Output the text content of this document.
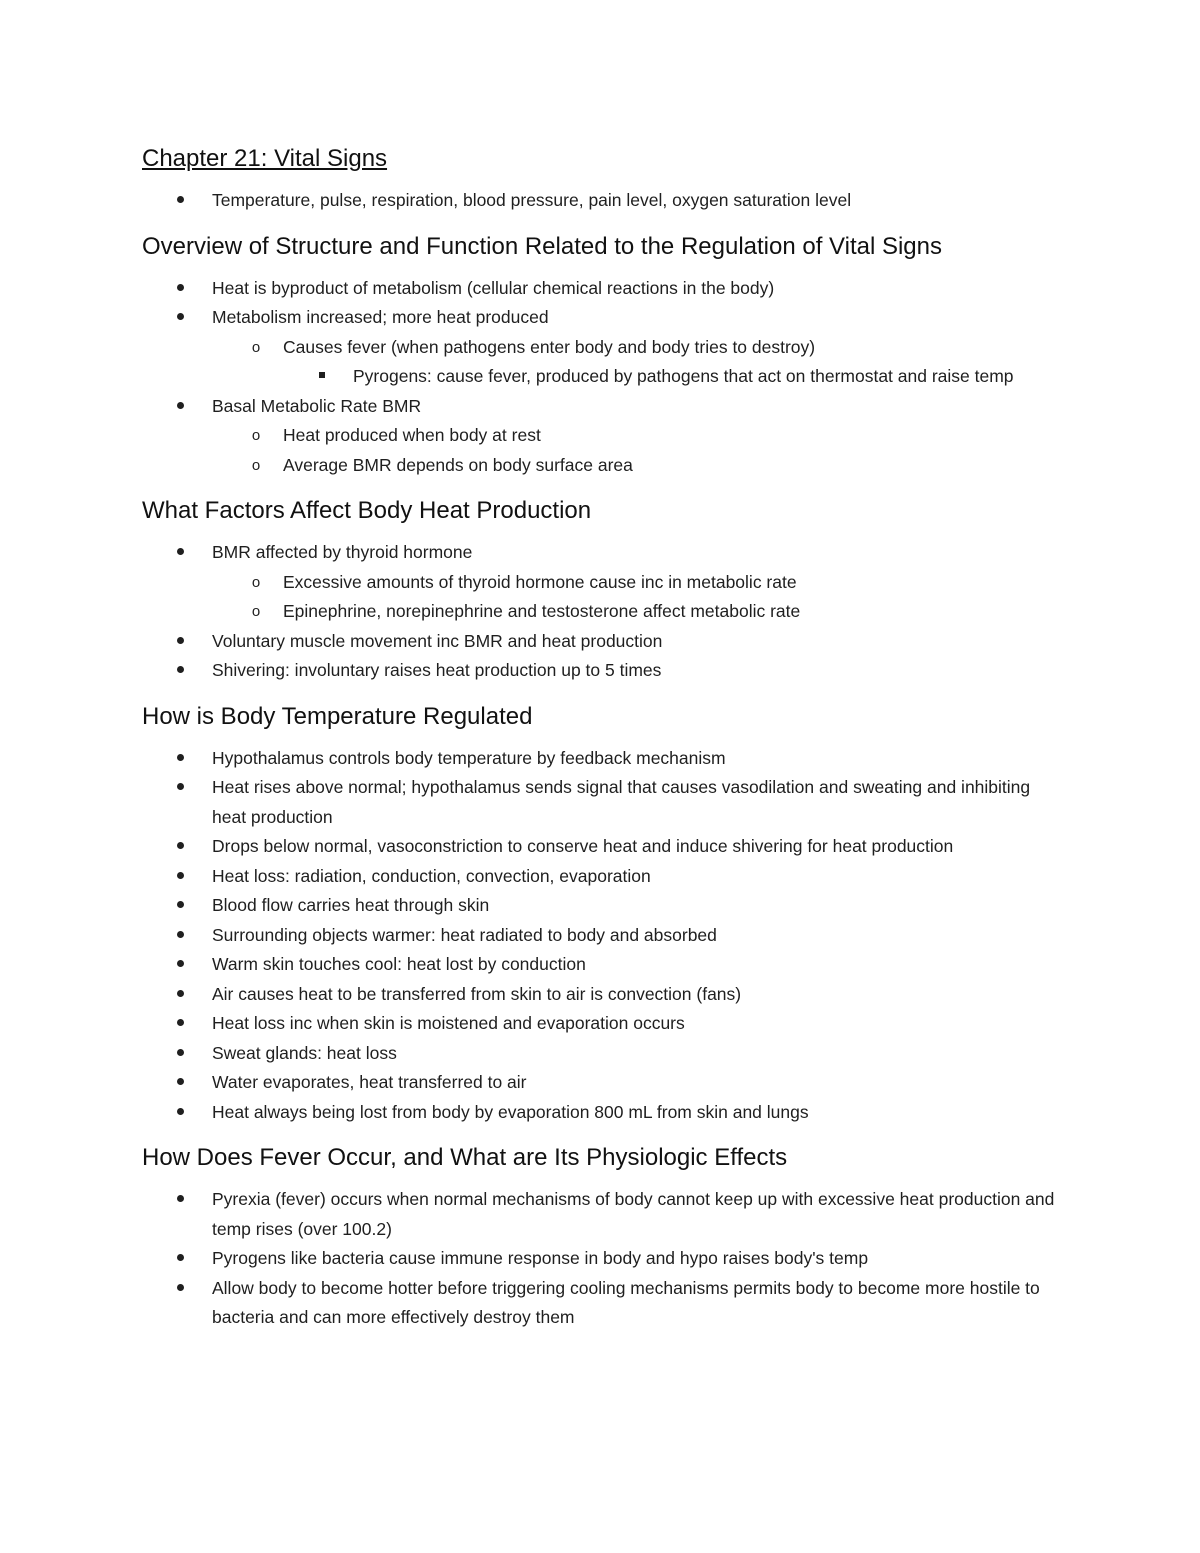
Chapter 21: Vital Signs
Temperature, pulse, respiration, blood pressure, pain level, oxygen saturation level
Overview of Structure and Function Related to the Regulation of Vital Signs
Heat is byproduct of metabolism (cellular chemical reactions in the body)
Metabolism increased; more heat produced
o	Causes fever (when pathogens enter body and body tries to destroy)
Pyrogens: cause fever, produced by pathogens that act on thermostat and raise temp
Basal Metabolic Rate BMR
o	Heat produced when body at rest
o	Average BMR depends on body surface area
What Factors Affect Body Heat Production
BMR affected by thyroid hormone
o	Excessive amounts of thyroid hormone cause inc in metabolic rate
o	Epinephrine, norepinephrine and testosterone affect metabolic rate
Voluntary muscle movement inc BMR and heat production
Shivering: involuntary raises heat production up to 5 times
How is Body Temperature Regulated
Hypothalamus controls body temperature by feedback mechanism
Heat rises above normal; hypothalamus sends signal that causes vasodilation and sweating and inhibiting heat production
Drops below normal, vasoconstriction to conserve heat and induce shivering for heat production
Heat loss: radiation, conduction, convection, evaporation
Blood flow carries heat through skin
Surrounding objects warmer: heat radiated to body and absorbed
Warm skin touches cool: heat lost by conduction
Air causes heat to be transferred from skin to air is convection (fans)
Heat loss inc when skin is moistened and evaporation occurs
Sweat glands: heat loss
Water evaporates, heat transferred to air
Heat always being lost from body by evaporation 800 mL from skin and lungs
How Does Fever Occur, and What are Its Physiologic Effects
Pyrexia (fever) occurs when normal mechanisms of body cannot keep up with excessive heat production and temp rises (over 100.2)
Pyrogens like bacteria cause immune response in body and hypo raises body's temp
Allow body to become hotter before triggering cooling mechanisms permits body to become more hostile to bacteria and can more effectively destroy them
